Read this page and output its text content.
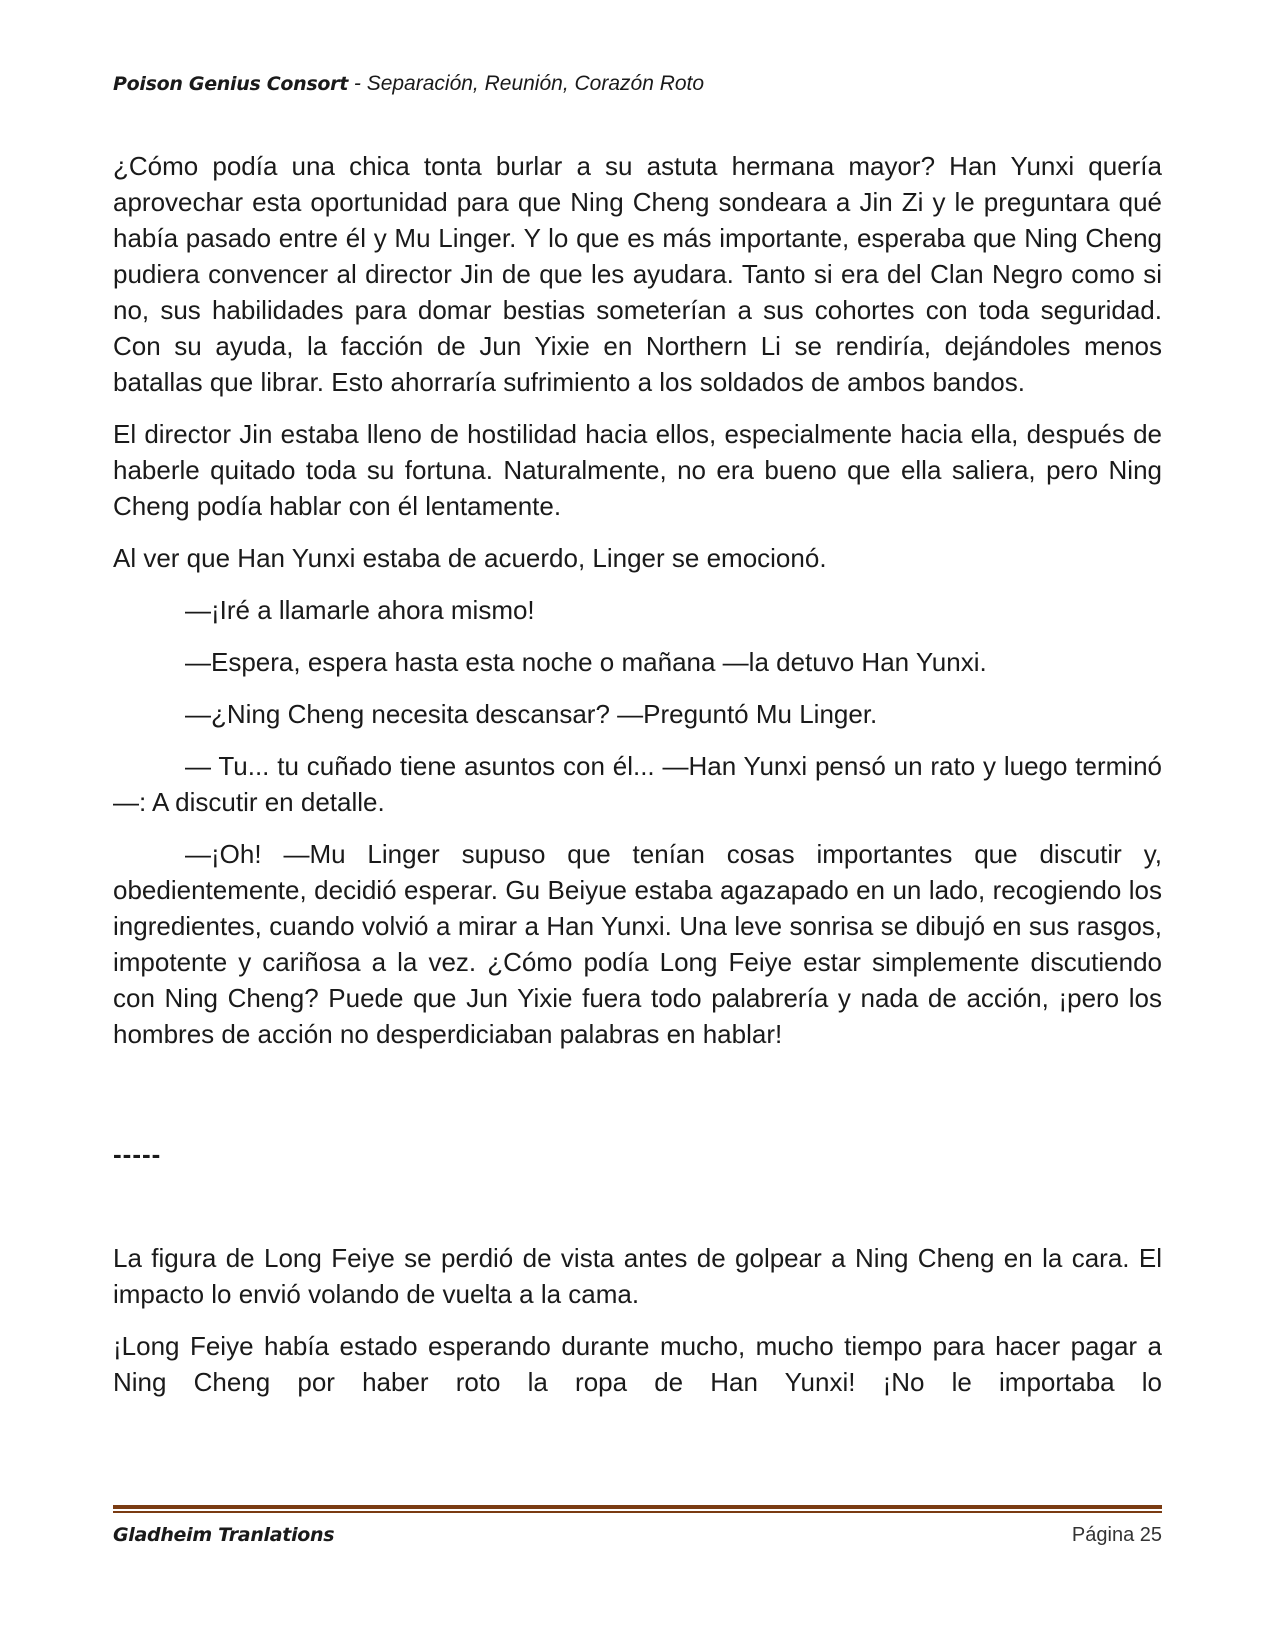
Poison Genius Consort - Separación, Reunión, Corazón Roto

¿Cómo podía una chica tonta burlar a su astuta hermana mayor? Han Yunxi quería aprovechar esta oportunidad para que Ning Cheng sondeara a Jin Zi y le preguntara qué había pasado entre él y Mu Linger. Y lo que es más importante, esperaba que Ning Cheng pudiera convencer al director Jin de que les ayudara. Tanto si era del Clan Negro como si no, sus habilidades para domar bestias someterían a sus cohortes con toda seguridad. Con su ayuda, la facción de Jun Yixie en Northern Li se rendiría, dejándoles menos batallas que librar. Esto ahorraría sufrimiento a los soldados de ambos bandos.

El director Jin estaba lleno de hostilidad hacia ellos, especialmente hacia ella, después de haberle quitado toda su fortuna. Naturalmente, no era bueno que ella saliera, pero Ning Cheng podía hablar con él lentamente.

Al ver que Han Yunxi estaba de acuerdo, Linger se emocionó.

—¡Iré a llamarle ahora mismo!

—Espera, espera hasta esta noche o mañana —la detuvo Han Yunxi.

—¿Ning Cheng necesita descansar? —Preguntó Mu Linger.

— Tu... tu cuñado tiene asuntos con él... —Han Yunxi pensó un rato y luego terminó—: A discutir en detalle.

—¡Oh! —Mu Linger supuso que tenían cosas importantes que discutir y, obedientemente, decidió esperar. Gu Beiyue estaba agazapado en un lado, recogiendo los ingredientes, cuando volvió a mirar a Han Yunxi. Una leve sonrisa se dibujó en sus rasgos, impotente y cariñosa a la vez. ¿Cómo podía Long Feiye estar simplemente discutiendo con Ning Cheng? Puede que Jun Yixie fuera todo palabrería y nada de acción, ¡pero los hombres de acción no desperdiciaban palabras en hablar!

-----

La figura de Long Feiye se perdió de vista antes de golpear a Ning Cheng en la cara. El impacto lo envió volando de vuelta a la cama.

¡Long Feiye había estado esperando durante mucho, mucho tiempo para hacer pagar a Ning Cheng por haber roto la ropa de Han Yunxi! ¡No le importaba lo

Gladheim Tranlations	Página 25
